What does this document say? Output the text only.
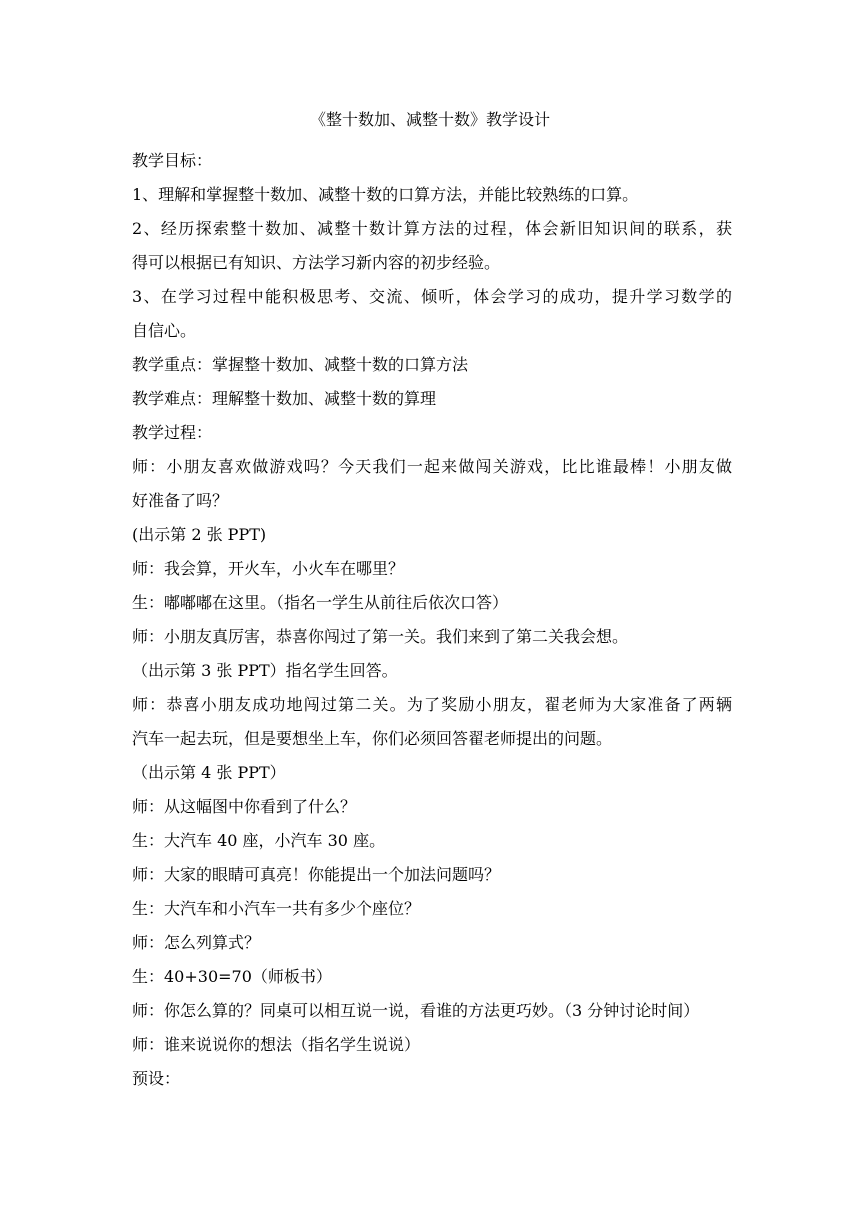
《整十数加、减整十数》教学设计

教学目标：

1、理解和掌握整十数加、减整十数的口算方法，并能比较熟练的口算。

2、经历探索整十数加、减整十数计算方法的过程，体会新旧知识间的联系，获
得可以根据已有知识、方法学习新内容的初步经验。

3、在学习过程中能积极思考、交流、倾听，体会学习的成功，提升学习数学的
自信心。

教学重点：掌握整十数加、减整十数的口算方法

教学难点：理解整十数加、减整十数的算理

教学过程：

师：小朋友喜欢做游戏吗？今天我们一起来做闯关游戏，比比谁最棒！小朋友做
好准备了吗？

(出示第 2 张 PPT)

师：我会算，开火车，小火车在哪里？

生：嘟嘟嘟在这里。（指名一学生从前往后依次口答）

师：小朋友真厉害，恭喜你闯过了第一关。我们来到了第二关我会想。

（出示第 3 张 PPT）指名学生回答。

师：恭喜小朋友成功地闯过第二关。为了奖励小朋友，翟老师为大家准备了两辆
汽车一起去玩，但是要想坐上车，你们必须回答翟老师提出的问题。

（出示第 4 张 PPT）

师：从这幅图中你看到了什么？

生：大汽车 40 座，小汽车 30 座。

师：大家的眼睛可真亮！你能提出一个加法问题吗？

生：大汽车和小汽车一共有多少个座位？

师：怎么列算式？

生：40+30=70（师板书）

师：你怎么算的？同桌可以相互说一说，看谁的方法更巧妙。（3 分钟讨论时间）

师：谁来说说你的想法（指名学生说说）

预设：
